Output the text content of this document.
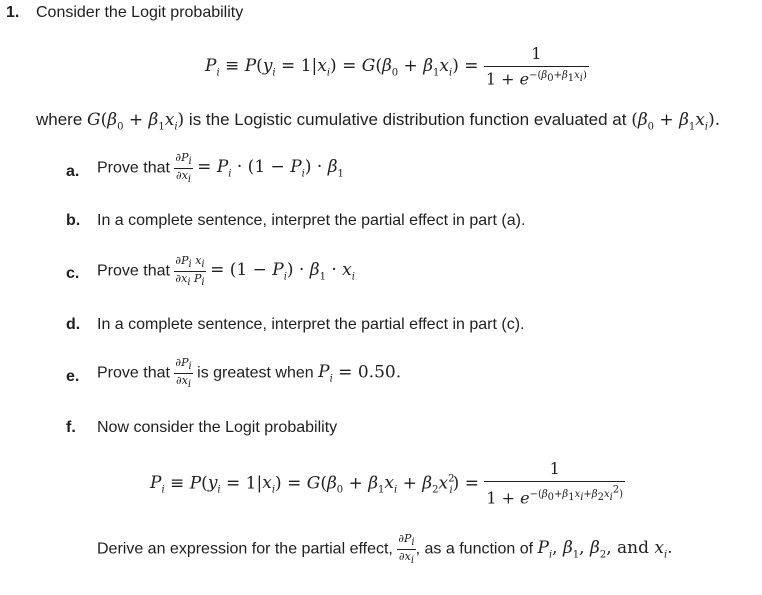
1. Consider the Logit probability
$P_i \equiv P(y_i = 1|x_i) = G(\beta_0 + \beta_1x_i) = \frac{1}{1 + e^{-(\beta_0+\beta_1x_i)}}$
where $G(\beta_0 + \beta_1x_i)$ is the Logistic cumulative distribution function evaluated at $(\beta_0 + \beta_1x_i)$.
a. Prove that $\frac{\partial P_i}{\partial x_i} = P_i \cdot (1 - P_i) \cdot \beta_1$
b. In a complete sentence, interpret the partial effect in part (a).
c. Prove that $\frac{\partial P_i x_i}{\partial x_i P_i} = (1 - P_i) \cdot \beta_1 \cdot x_i$
d. In a complete sentence, interpret the partial effect in part (c).
e. Prove that $\frac{\partial P_i}{\partial x_i}$ is greatest when $P_i = 0.50$.
f. Now consider the Logit probability
$P_i \equiv P(y_i = 1|x_i) = G(\beta_0 + \beta_1x_i + \beta_2x^2_i) = \frac{1}{1 + e^{-(\beta_0+\beta_1x_i+\beta_2x_i^2)}}$
Derive an expression for the partial effect, $\frac{\partial P_i}{\partial x_i}$ , as a function of $P_i$, $\beta_1$, $\beta_2$, and $x_i$.
